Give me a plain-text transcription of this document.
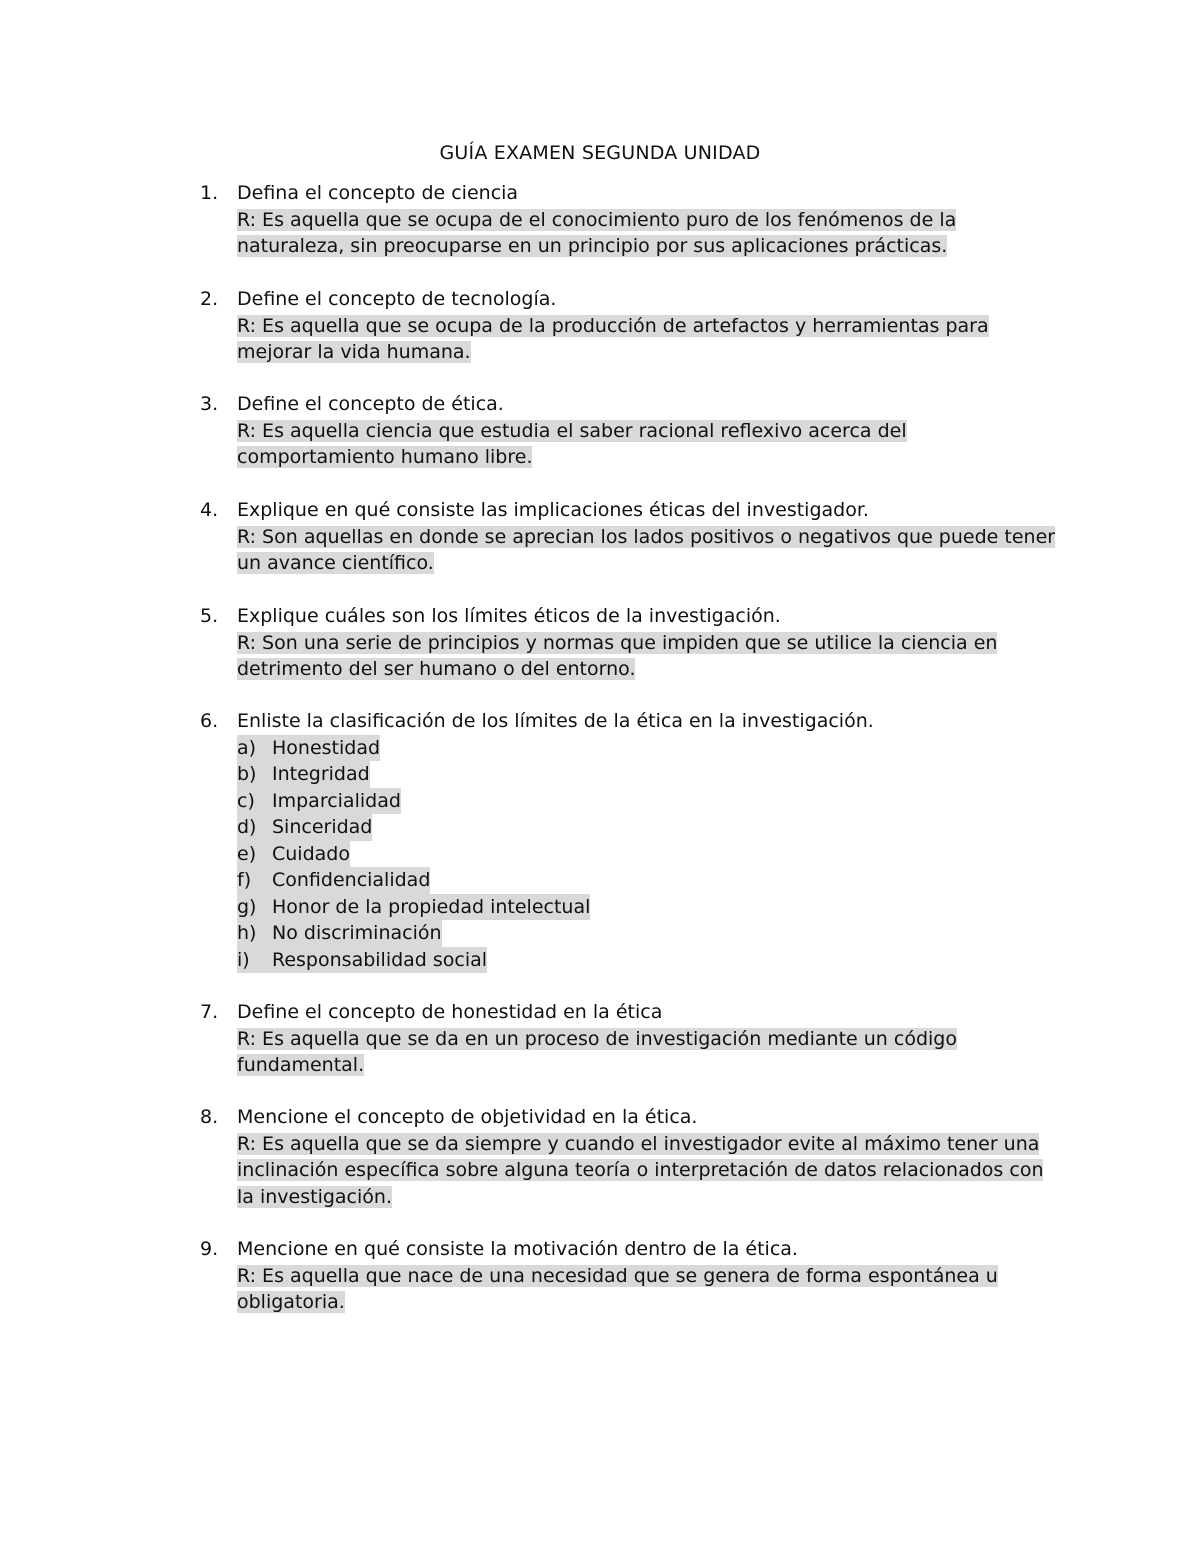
GUÍA EXAMEN SEGUNDA UNIDAD
1. Defina el concepto de ciencia
R: Es aquella que se ocupa de el conocimiento puro de los fenómenos de la
naturaleza, sin preocuparse en un principio por sus aplicaciones prácticas.
2. Define el concepto de tecnología.
R: Es aquella que se ocupa de la producción de artefactos y herramientas para
mejorar la vida humana.
3. Define el concepto de ética.
R: Es aquella ciencia que estudia el saber racional reflexivo acerca del
comportamiento humano libre.
4. Explique en qué consiste las implicaciones éticas del investigador.
R: Son aquellas en donde se aprecian los lados positivos o negativos que puede tener
un avance científico.
5. Explique cuáles son los límites éticos de la investigación.
R: Son una serie de principios y normas que impiden que se utilice la ciencia en
detrimento del ser humano o del entorno.
6. Enliste la clasificación de los límites de la ética en la investigación.
a) Honestidad
b) Integridad
c) Imparcialidad
d) Sinceridad
e) Cuidado
f)	Confidencialidad
g) Honor de la propiedad intelectual
h) No discriminación
i)	Responsabilidad social
7. Define el concepto de honestidad en la ética
R: Es aquella que se da en un proceso de investigación mediante un código
fundamental.
8. Mencione el concepto de objetividad en la ética.
R: Es aquella que se da siempre y cuando el investigador evite al máximo tener una
inclinación específica sobre alguna teoría o interpretación de datos relacionados con
la investigación.
9. Mencione en qué consiste la motivación dentro de la ética.
R: Es aquella que nace de una necesidad que se genera de forma espontánea u
obligatoria.
